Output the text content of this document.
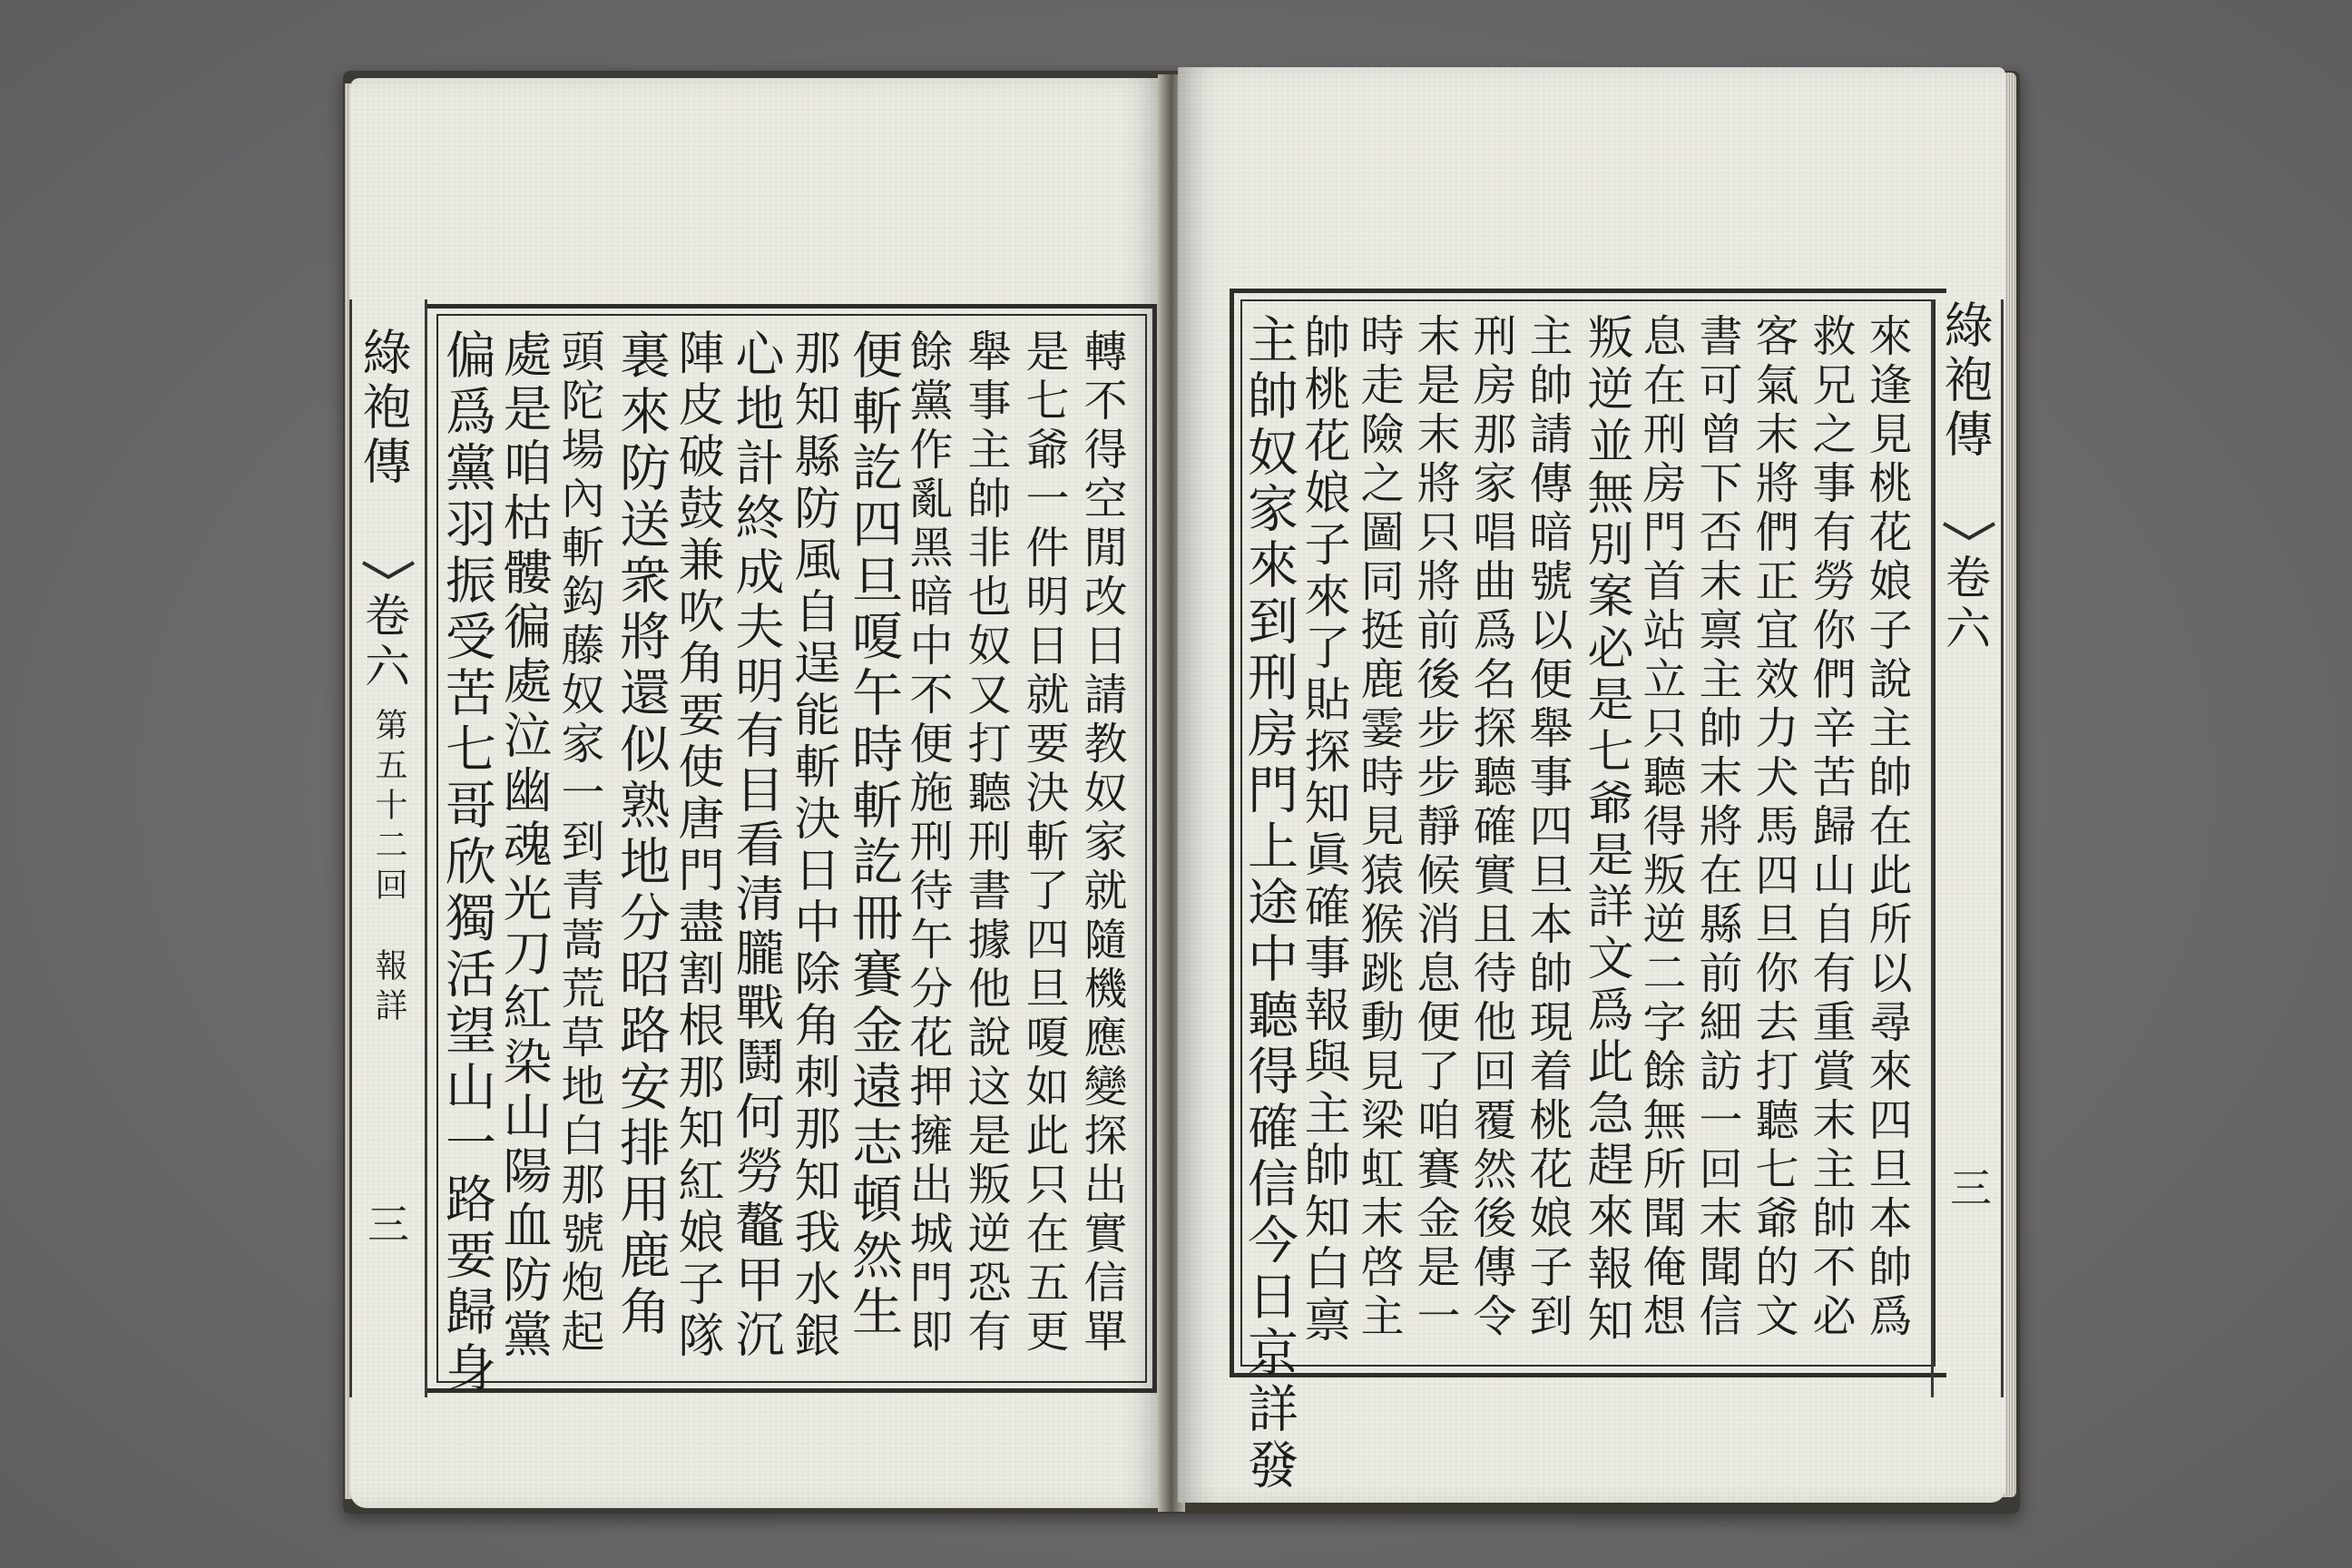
轉不得空閒改日請教奴家就隨機應變探出實信單
是七爺一件明日就要決斬了四旦嗄如此只在五更
舉事主帥非也奴又打聽刑書據他說这是叛逆恐有
餘黨作亂黑暗中不便施刑待午分花押擁出城門即
便斬訖四旦嗄午時斬訖冊賽金遠志頓然生
那知縣防風自逞能斬決日中除角刺那知我水銀
心地計終成夫明有目看清朧戰鬪何勞鼇甲沉
陣皮破鼓兼吹角要使唐門盡割根那知紅娘子隊
裏來防送衆將還似熟地分昭路安排用鹿角
頭陀場內斬鈎藤奴家一到青蒿荒草地白那號炮起
處是咱枯髏徧處泣幽魂光刀紅染山陽血防黨
偏爲黨羽振受苦七哥欣獨活望山一路要歸身
綠袍傳
卷六
第五十二回
報詳
三	來逢見桃花娘子說主帥在此所以尋來四旦本帥爲
救兄之事有勞你們辛苦歸山自有重賞末主帥不必
客氣末將們正宜效力犬馬四旦你去打聽七爺的文
書可曾下否末禀主帥末將在縣前細訪一回末聞信
息在刑房門首站立只聽得叛逆二字餘無所聞俺想
叛逆並無別案必是七爺是詳文爲此急趕來報知
主帥請傳暗號以便舉事四旦本帥現着桃花娘子到
刑房那家唱曲爲名探聽確實且待他回覆然後傳令
末是末將只將前後步步靜候消息便了咱賽金是一
時走險之圖同挺鹿霎時見猿猴跳動見梁虹末啓主
帥桃花娘子來了貼探知眞確事報與主帥知白禀
主帥奴家來到刑房門上途中聽得確信今日京詳發	綠袍傳
卷六
三
